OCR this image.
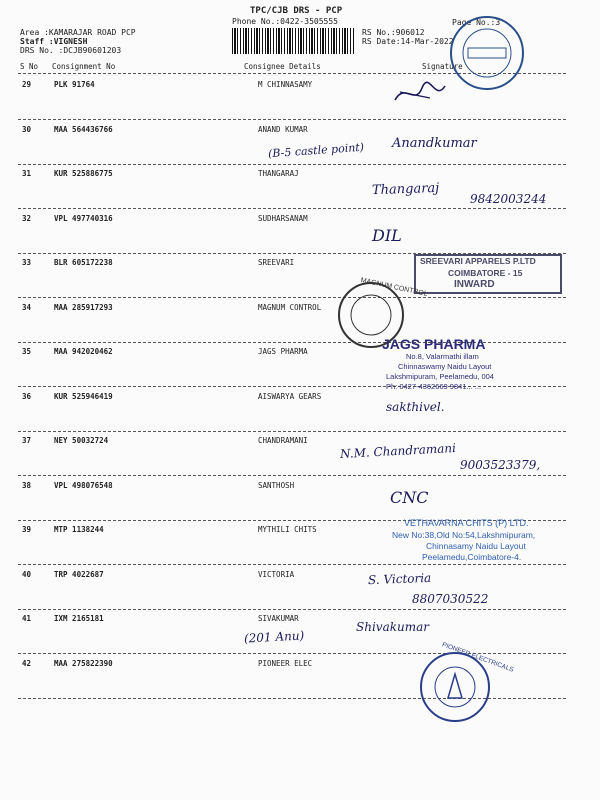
TPC/CJB DRS - PCP
Phone No.:0422-3505555
Area :KAMARAJAR ROAD PCP
Staff :VIGNESH
DRS No. :DCJB90601203
RS No.:906012
RS Date:14-Mar-2022
Page No.:3
S No Consignment No	Consignee Details	Signature
29	PLK 91764	M CHINNASAMY
30	MAA 564436766	ANAND KUMAR
31	KUR 525886775	THANGARAJ
32	VPL 497740316	SUDHARSANAM
33	BLR 605172238	SREEVARI
34	MAA 285917293	MAGNUM CONTROL
35	MAA 942020462	JAGS PHARMA
36	KUR 525946419	AISWARYA GEARS
37	NEY 50032724	CHANDRAMANI
38	VPL 498076548	SANTHOSH
39	MTP 1138244	MYTHILI CHITS
40	TRP 4022687	VICTORIA
41	IXM 2165181	SIVAKUMAR
42	MAA 275822390	PIONEER ELEC
(B-5 castle point) Anandkumar
Thangaraj
9842003244
DIL
sakthivel.
N.M. Chandramani
9003523379,
CNC
S. Victoria
8807030522
(201 Anu)
Shivakumar
SREEVARI APPARELS P.LTD
COIMBATORE - 15
INWARD
MAGNUM CONTROL
JAGS PHARMA
No.8, Valarmathi illam
Chinnaswamy Naidu Layout
Lakshmipuram, Peelamedu, 004
Ph: 0427-4362669 9841... ...
VETHAVARNA CHITS (P) LTD.
New No:38,Old No:54,Lakshmipuram,
Chinnasamy Naidu Layout
Peelamedu,Coimbatore-4.
PIONEER ELECTRICALS
